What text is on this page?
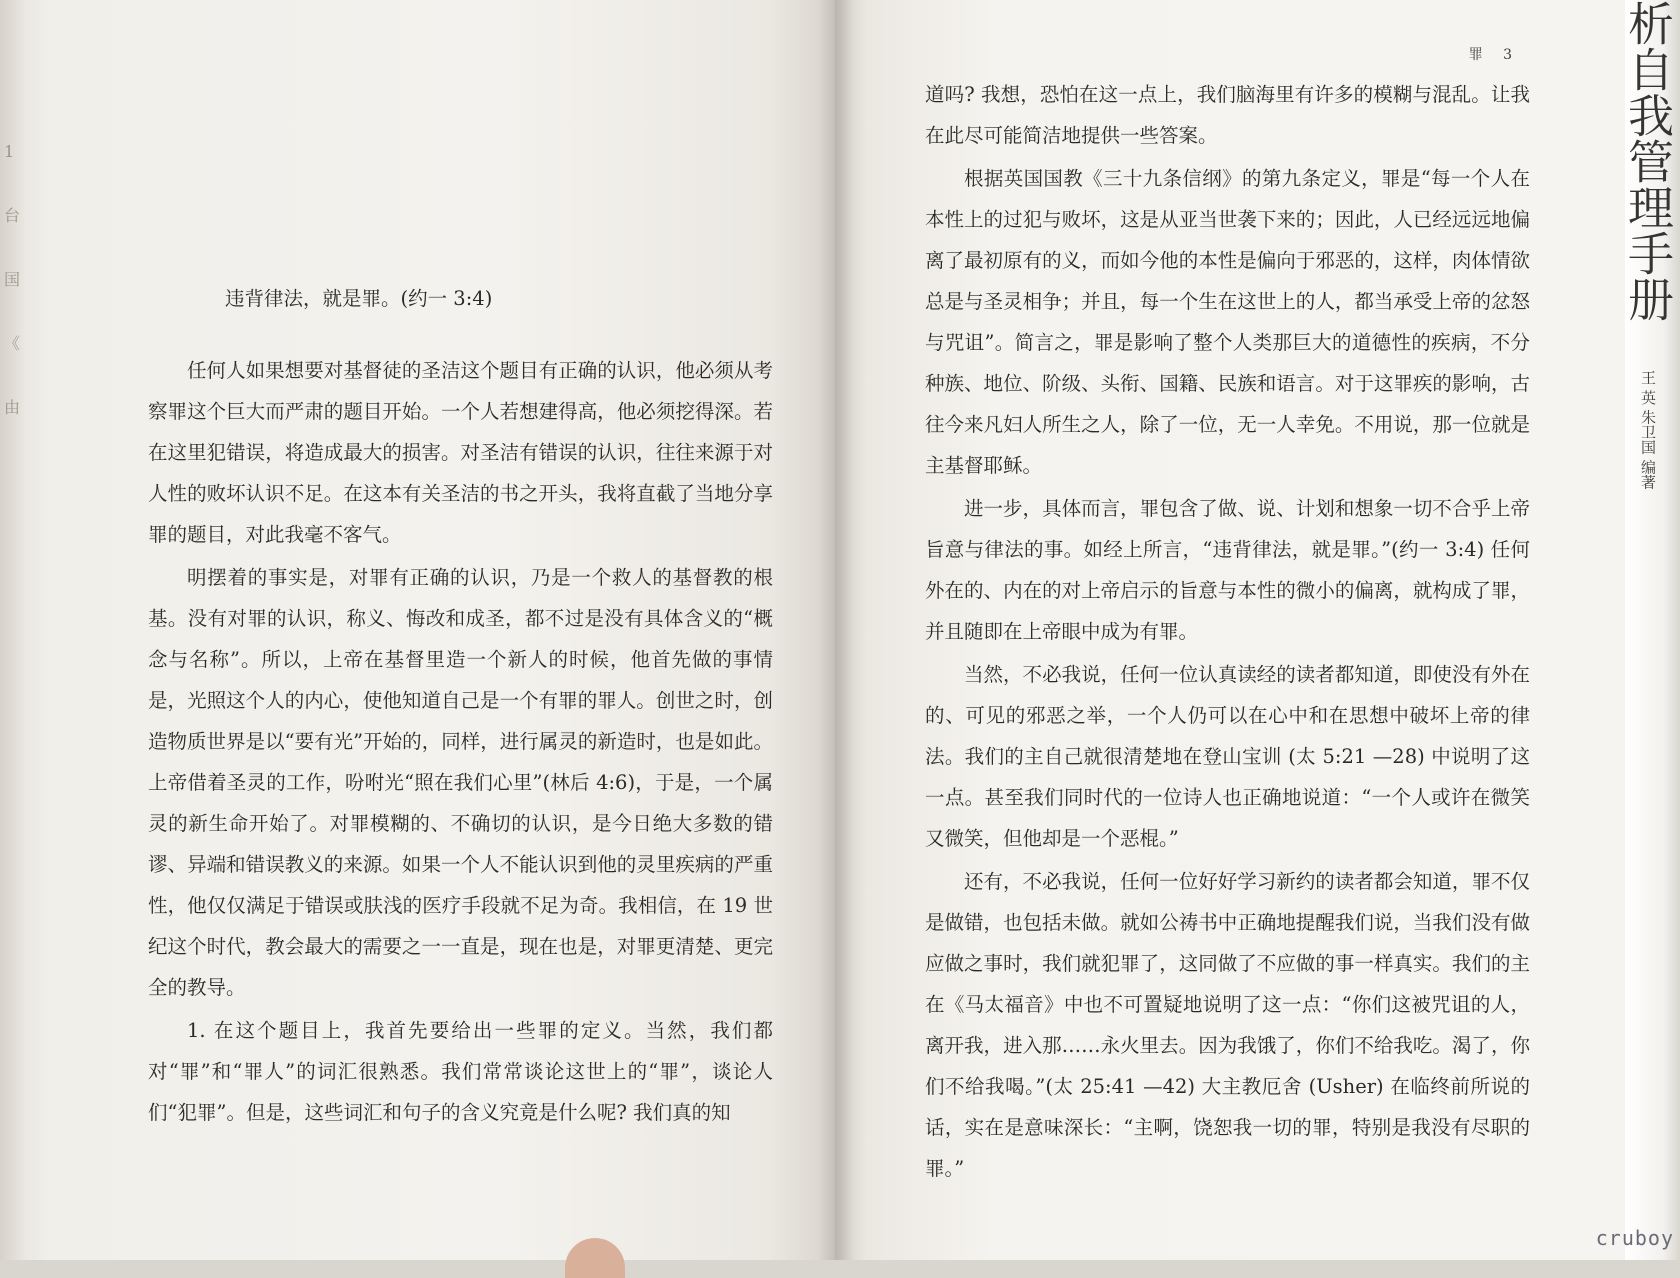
1
台
国
《
由
违背律法，就是罪。(约一 3:4)

任何人如果想要对基督徒的圣洁这个题目有正确的认识，他必须从考察罪这个巨大而严肃的题目开始。一个人若想建得高，他必须挖得深。若在这里犯错误，将造成最大的损害。对圣洁有错误的认识，往往来源于对人性的败坏认识不足。在这本有关圣洁的书之开头，我将直截了当地分享罪的题目，对此我毫不客气。

明摆着的事实是，对罪有正确的认识，乃是一个救人的基督教的根基。没有对罪的认识，称义、悔改和成圣，都不过是没有具体含义的“概念与名称”。所以，上帝在基督里造一个新人的时候，他首先做的事情是，光照这个人的内心，使他知道自己是一个有罪的罪人。创世之时，创造物质世界是以“要有光”开始的，同样，进行属灵的新造时，也是如此。上帝借着圣灵的工作，吩咐光“照在我们心里”(林后 4:6)，于是，一个属灵的新生命开始了。对罪模糊的、不确切的认识，是今日绝大多数的错谬、异端和错误教义的来源。如果一个人不能认识到他的灵里疾病的严重性，他仅仅满足于错误或肤浅的医疗手段就不足为奇。我相信，在 19 世纪这个时代，教会最大的需要之一一直是，现在也是，对罪更清楚、更完全的教导。

1. 在这个题目上，我首先要给出一些罪的定义。当然，我们都对“罪”和“罪人”的词汇很熟悉。我们常常谈论这世上的“罪”，谈论人们“犯罪”。但是，这些词汇和句子的含义究竟是什么呢? 我们真的知

罪 3

道吗? 我想，恐怕在这一点上，我们脑海里有许多的模糊与混乱。让我在此尽可能简洁地提供一些答案。

根据英国国教《三十九条信纲》的第九条定义，罪是“每一个人在本性上的过犯与败坏，这是从亚当世袭下来的；因此，人已经远远地偏离了最初原有的义，而如今他的本性是偏向于邪恶的，这样，肉体情欲总是与圣灵相争；并且，每一个生在这世上的人，都当承受上帝的忿怒与咒诅”。简言之，罪是影响了整个人类那巨大的道德性的疾病，不分种族、地位、阶级、头衔、国籍、民族和语言。对于这罪疾的影响，古往今来凡妇人所生之人，除了一位，无一人幸免。不用说，那一位就是主基督耶稣。

进一步，具体而言，罪包含了做、说、计划和想象一切不合乎上帝旨意与律法的事。如经上所言，“违背律法，就是罪。”(约一 3:4) 任何外在的、内在的对上帝启示的旨意与本性的微小的偏离，就构成了罪，并且随即在上帝眼中成为有罪。

当然，不必我说，任何一位认真读经的读者都知道，即使没有外在的、可见的邪恶之举，一个人仍可以在心中和在思想中破坏上帝的律法。我们的主自己就很清楚地在登山宝训 (太 5:21 —28) 中说明了这一点。甚至我们同时代的一位诗人也正确地说道：“一个人或许在微笑又微笑，但他却是一个恶棍。”

还有，不必我说，任何一位好好学习新约的读者都会知道，罪不仅是做错，也包括未做。就如公祷书中正确地提醒我们说，当我们没有做应做之事时，我们就犯罪了，这同做了不应做的事一样真实。我们的主在《马太福音》中也不可置疑地说明了这一点：“你们这被咒诅的人，离开我，进入那……永火里去。因为我饿了，你们不给我吃。渴了，你们不给我喝。”(太 25:41 —42) 大主教厄舍 (Usher) 在临终前所说的话，实在是意味深长：“主啊，饶恕我一切的罪，特别是我没有尽职的罪。”

析自我管理手册
王 英 朱卫国 编著
cruboy
